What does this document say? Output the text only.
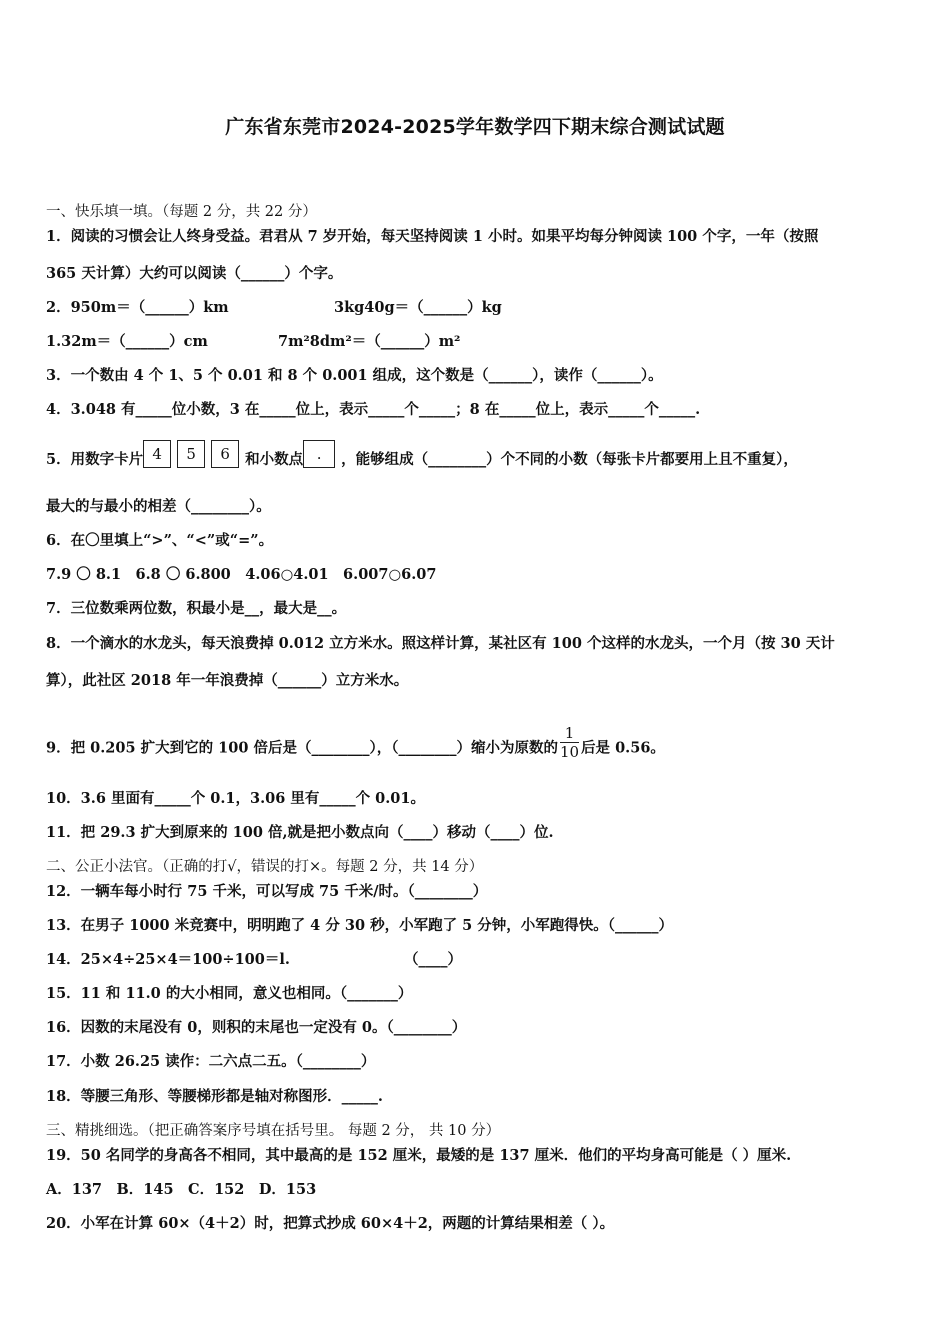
广东省东莞市2024-2025学年数学四下期末综合测试试题
一、快乐填一填。（每题 2 分，共 22 分）
1．阅读的习惯会让人终身受益。君君从 7 岁开始，每天坚持阅读 1 小时。如果平均每分钟阅读 100 个字，一年（按照
365 天计算）大约可以阅读（______）个字。
2．950m＝（______）km	3kg40g＝（______）kg
1.32m＝（______）cm	7m²8dm²＝（______）m²
3．一个数由 4 个 1、5 个 0.01 和 8 个 0.001 组成，这个数是（______），读作（______）。
4．3.048 有_____位小数，3 在_____位上，表示_____个_____；8 在_____位上，表示_____个_____.
5．用数字卡片 4 5 6 和小数点 . ，能够组成（________）个不同的小数（每张卡片都要用上且不重复），
最大的与最小的相差（________）。
6．在〇里填上“>”、“<”或“=”。
7.9 〇 8.1　6.8 〇 6.800　4.06○4.01　6.007○6.07
7．三位数乘两位数，积最小是__，最大是__。
8．一个滴水的水龙头，每天浪费掉 0.012 立方米水。照这样计算，某社区有 100 个这样的水龙头，一个月（按 30 天计
算），此社区 2018 年一年浪费掉（______）立方米水。
9．把 0.205 扩大到它的 100 倍后是（________），（________）缩小为原数的 $\frac{1}{10}$ 后是 0.56。
10．3.6 里面有_____个 0.1，3.06 里有_____个 0.01。
11．把 29.3 扩大到原来的 100 倍,就是把小数点向（____）移动（____）位.
二、公正小法官。（正确的打√，错误的打×。每题 2 分，共 14 分）
12．一辆车每小时行 75 千米，可以写成 75 千米/时。（________）
13．在男子 1000 米竞赛中，明明跑了 4 分 30 秒，小军跑了 5 分钟，小军跑得快。（______）
14．25×4÷25×4＝100÷100＝l.	（____）
15．11 和 11.0 的大小相同，意义也相同。（_______）
16．因数的末尾没有 0，则积的末尾也一定没有 0。（________）
17．小数 26.25 读作：二六点二五。（________）
18．等腰三角形、等腰梯形都是轴对称图形．_____.
三、精挑细选。（把正确答案序号填在括号里。 每题 2 分， 共 10 分）
19．50 名同学的身高各不相同，其中最高的是 152 厘米，最矮的是 137 厘米．他们的平均身高可能是（ ）厘米.
A．137　B．145　C．152　D．153
20．小军在计算 60×（4＋2）时，把算式抄成 60×4＋2，两题的计算结果相差（ ）。
